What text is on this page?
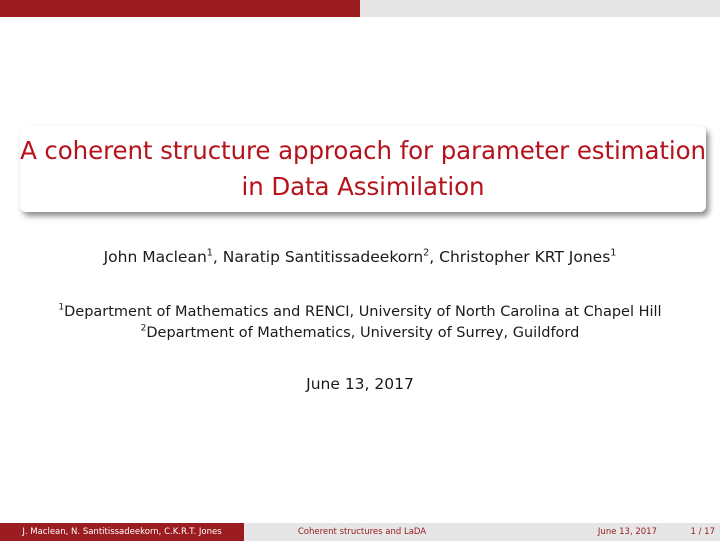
A coherent structure approach for parameter estimation
in Data Assimilation
John Maclean$^1$, Naratip Santitissadeekorn$^2$, Christopher KRT Jones$^1$
$^1$Department of Mathematics and RENCI, University of North Carolina at Chapel Hill
$^2$Department of Mathematics, University of Surrey, Guildford
June 13, 2017
J. Maclean, N. Santitissadeekorn, C.K.R.T. Jones	Coherent structures and LaDA	June 13, 2017	1 / 17
